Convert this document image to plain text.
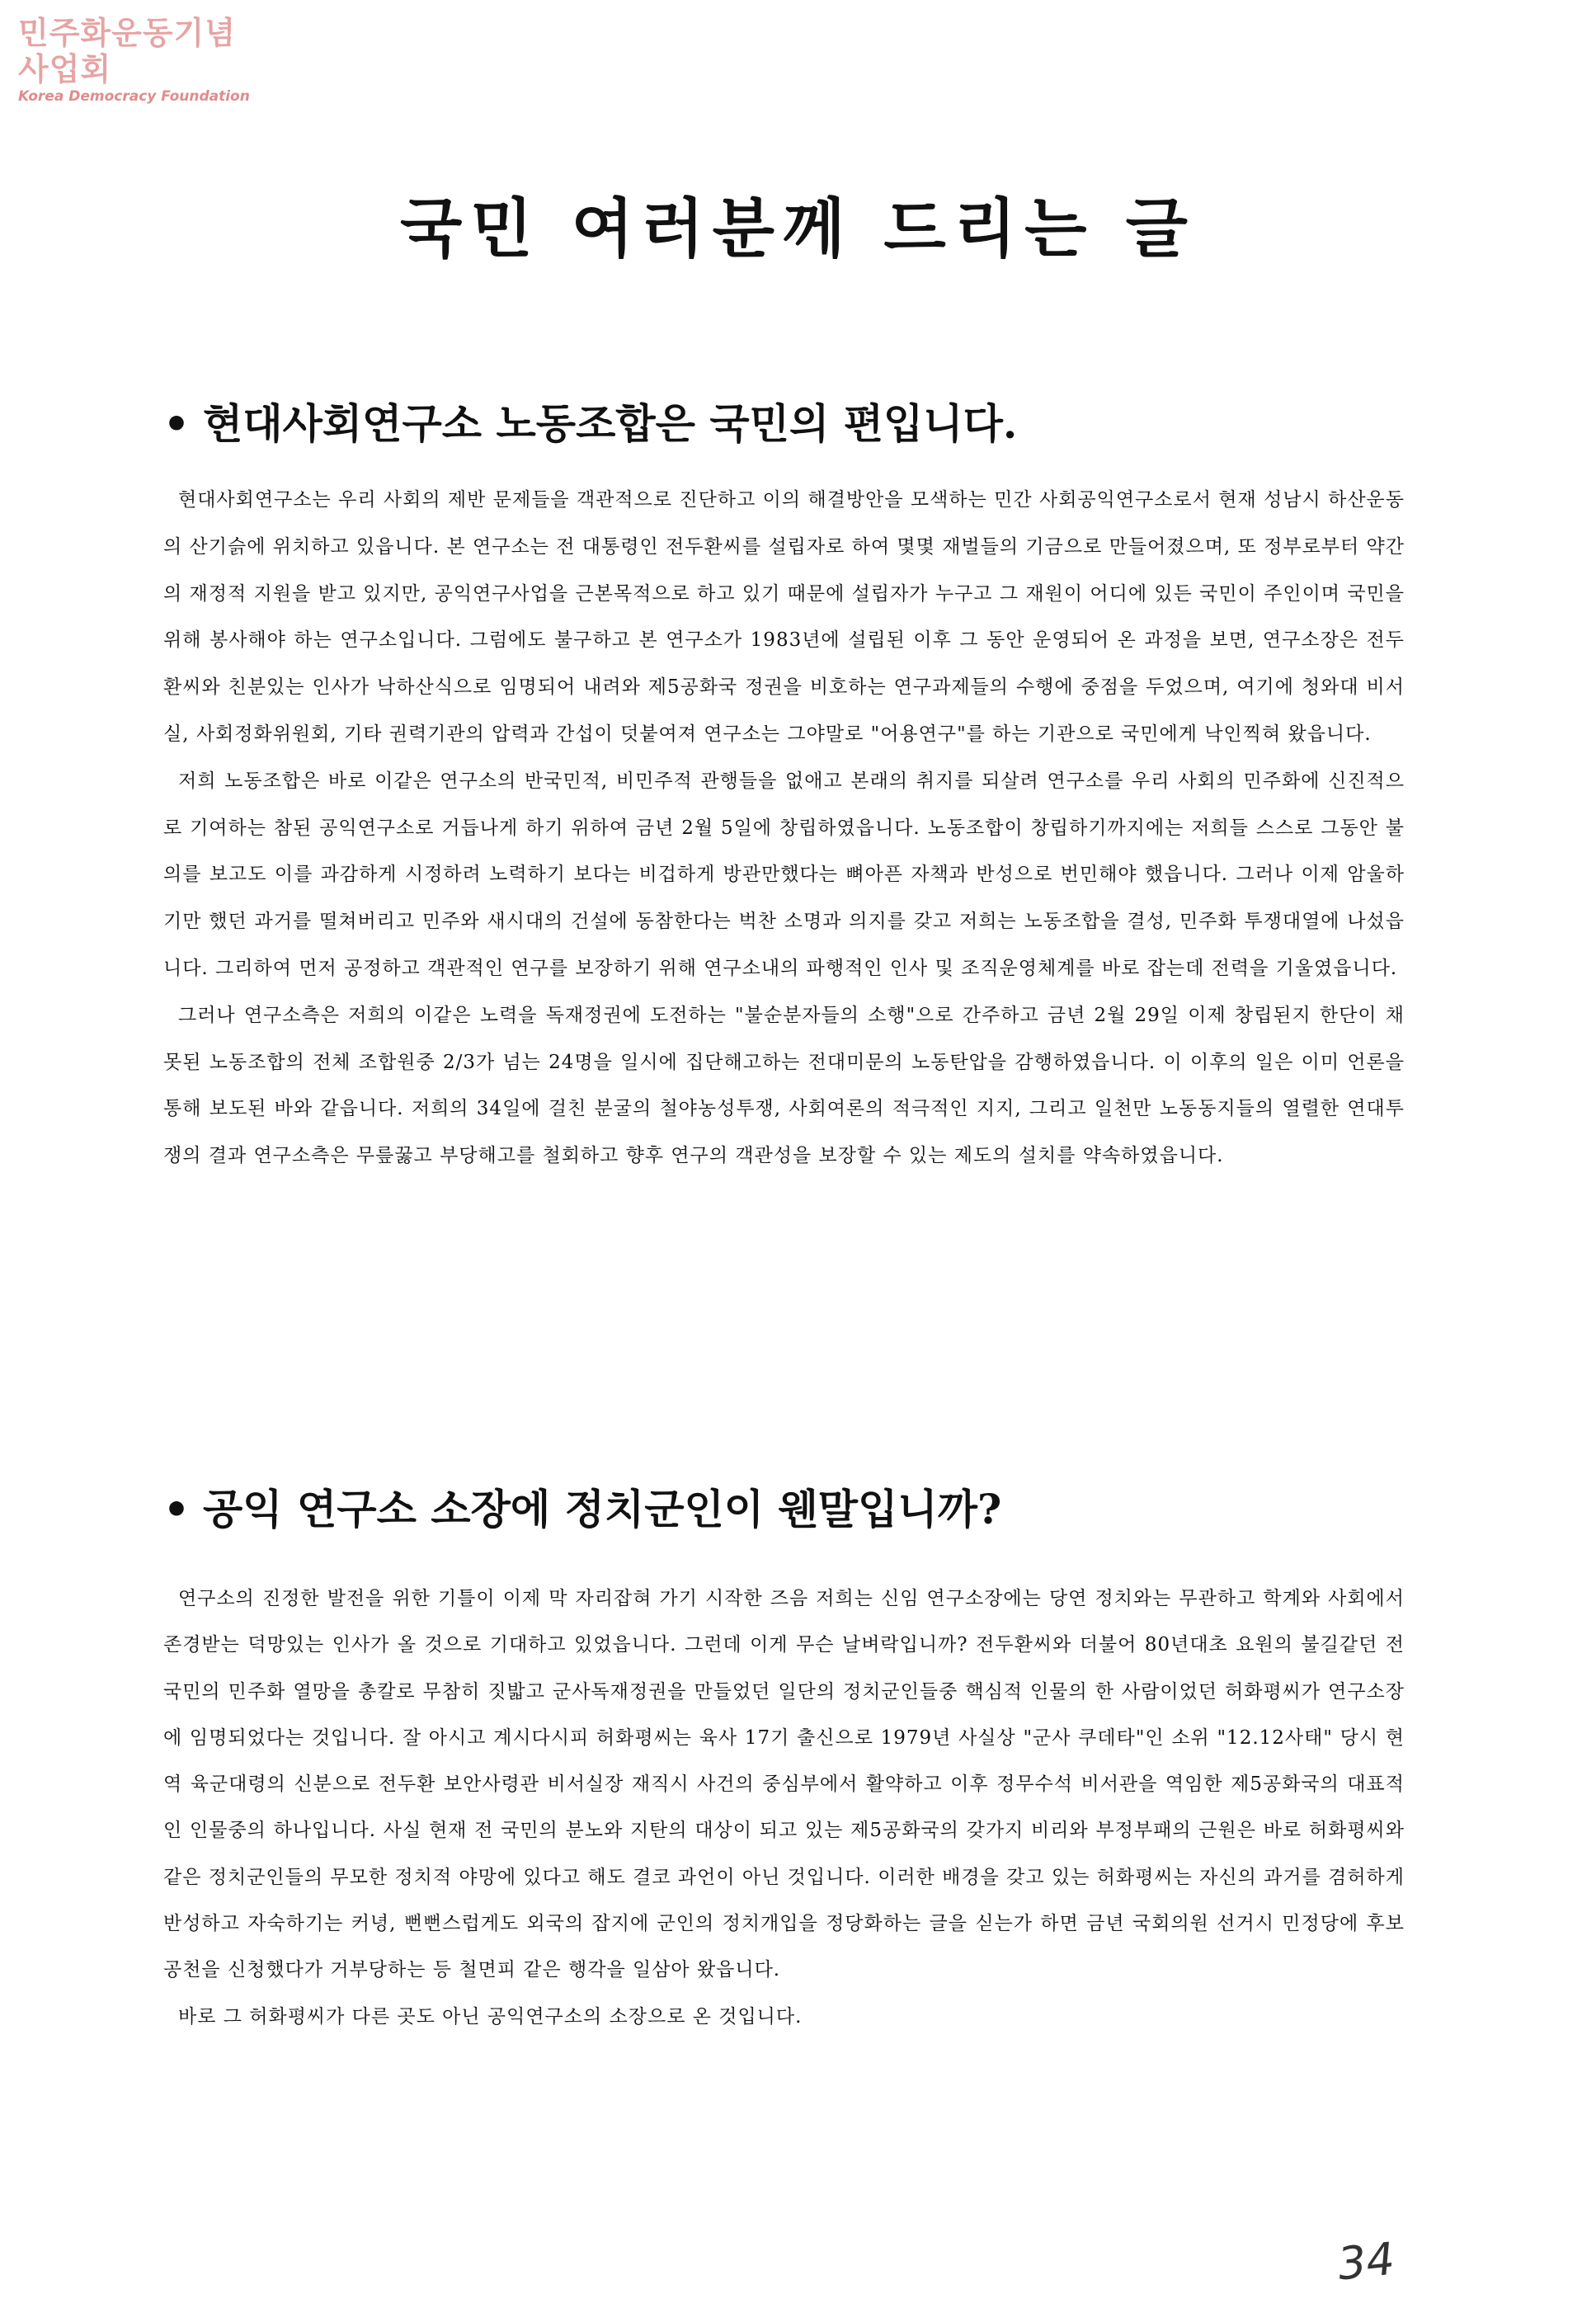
민주화운동기념사업회
Korea Democracy Foundation
국민 여러분께 드리는 글
• 현대사회연구소 노동조합은 국민의 편입니다.

현대사회연구소는 우리 사회의 제반 문제들을 객관적으로 진단하고 이의 해결방안을 모색하는 민간 사회공익연구소로서 현재 성남시 하산운동의 산기슭에 위치하고 있읍니다. 본 연구소는 전 대통령인 전두환씨를 설립자로 하여 몇몇 재벌들의 기금으로 만들어졌으며, 또 정부로부터 약간의 재정적 지원을 받고 있지만, 공익연구사업을 근본목적으로 하고 있기 때문에 설립자가 누구고 그 재원이 어디에 있든 국민이 주인이며 국민을 위해 봉사해야 하는 연구소입니다. 그럼에도 불구하고 본 연구소가 1983년에 설립된 이후 그 동안 운영되어 온 과정을 보면, 연구소장은 전두환씨와 친분있는 인사가 낙하산식으로 임명되어 내려와 제5공화국 정권을 비호하는 연구과제들의 수행에 중점을 두었으며, 여기에 청와대 비서실, 사회정화위원회, 기타 권력기관의 압력과 간섭이 덧붙여져 연구소는 그야말로 "어용연구"를 하는 기관으로 국민에게 낙인찍혀 왔읍니다.

저희 노동조합은 바로 이같은 연구소의 반국민적, 비민주적 관행들을 없애고 본래의 취지를 되살려 연구소를 우리 사회의 민주화에 신진적으로 기여하는 참된 공익연구소로 거듭나게 하기 위하여 금년 2월 5일에 창립하였읍니다. 노동조합이 창립하기까지에는 저희들 스스로 그동안 불의를 보고도 이를 과감하게 시정하려 노력하기 보다는 비겁하게 방관만했다는 뼈아픈 자책과 반성으로 번민해야 했읍니다. 그러나 이제 암울하기만 했던 과거를 떨쳐버리고 민주와 새시대의 건설에 동참한다는 벅찬 소명과 의지를 갖고 저희는 노동조합을 결성, 민주화 투쟁대열에 나섰읍니다. 그리하여 먼저 공정하고 객관적인 연구를 보장하기 위해 연구소내의 파행적인 인사 및 조직운영체계를 바로 잡는데 전력을 기울였읍니다.

그러나 연구소측은 저희의 이같은 노력을 독재정권에 도전하는 "불순분자들의 소행"으로 간주하고 금년 2월 29일 이제 창립된지 한단이 채 못된 노동조합의 전체 조합원중 2/3가 넘는 24명을 일시에 집단해고하는 전대미문의 노동탄압을 감행하였읍니다. 이 이후의 일은 이미 언론을 통해 보도된 바와 같읍니다. 저희의 34일에 걸친 분굴의 철야농성투쟁, 사회여론의 적극적인 지지, 그리고 일천만 노동동지들의 열렬한 연대투쟁의 결과 연구소측은 무릎꿇고 부당해고를 철회하고 향후 연구의 객관성을 보장할 수 있는 제도의 설치를 약속하였읍니다.

• 공익 연구소 소장에 정치군인이 웬말입니까?

연구소의 진정한 발전을 위한 기틀이 이제 막 자리잡혀 가기 시작한 즈음 저희는 신임 연구소장에는 당연 정치와는 무관하고 학계와 사회에서 존경받는 덕망있는 인사가 올 것으로 기대하고 있었읍니다. 그런데 이게 무슨 날벼락입니까? 전두환씨와 더불어 80년대초 요원의 불길같던 전 국민의 민주화 열망을 총칼로 무참히 짓밟고 군사독재정권을 만들었던 일단의 정치군인들중 핵심적 인물의 한 사람이었던 허화평씨가 연구소장에 임명되었다는 것입니다. 잘 아시고 계시다시피 허화평씨는 육사 17기 출신으로 1979년 사실상 "군사 쿠데타"인 소위 "12.12사태" 당시 현역 육군대령의 신분으로 전두환 보안사령관 비서실장 재직시 사건의 중심부에서 활약하고 이후 정무수석 비서관을 역임한 제5공화국의 대표적인 인물중의 하나입니다. 사실 현재 전 국민의 분노와 지탄의 대상이 되고 있는 제5공화국의 갖가지 비리와 부정부패의 근원은 바로 허화평씨와 같은 정치군인들의 무모한 정치적 야망에 있다고 해도 결코 과언이 아닌 것입니다. 이러한 배경을 갖고 있는 허화평씨는 자신의 과거를 겸허하게 반성하고 자숙하기는 커녕, 뻔뻔스럽게도 외국의 잡지에 군인의 정치개입을 정당화하는 글을 싣는가 하면 금년 국회의원 선거시 민정당에 후보공천을 신청했다가 거부당하는 등 철면피 같은 행각을 일삼아 왔읍니다.

바로 그 허화평씨가 다른 곳도 아닌 공익연구소의 소장으로 온 것입니다.

34
